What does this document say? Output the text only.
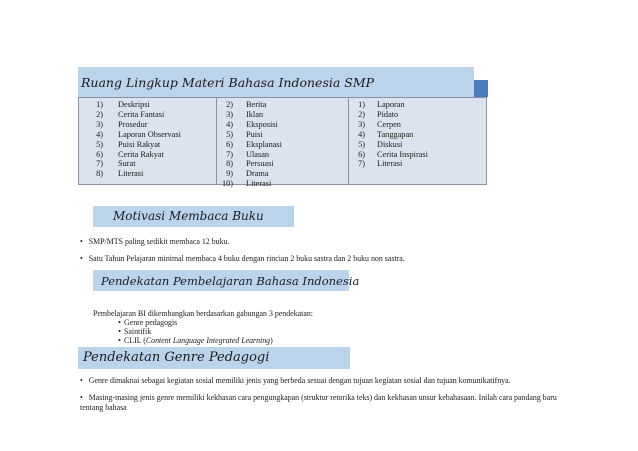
Ruang Lingkup Materi Bahasa Indonesia SMP
1) Deskripsi
2) Cerita Fantasi
3) Prosedur
4) Laporan Observasi
5) Puisi Rakyat
6) Cerita Rakyat
7) Surat
8) Literasi
2) Berita
3) Iklan
4) Eksposisi
5) Puisi
6) Eksplanasi
7) Ulasan
8) Persuasi
9) Drama
10) Literasi
1) Laporan
2) Pidato
3) Cerpen
4) Tanggapan
5) Diskusi
6) Cerita Inspirasi
7) Literasi
Motivasi Membaca Buku

• SMP/MTS paling sedikit membaca 12 buku.

• Satu Tahun Pelajaran minimal membaca 4 buku dengan rincian 2 buku sastra dan 2 buku non sastra.

Pendekatan Pembelajaran Bahasa Indonesia

Pembelajaran BI dikembangkan berdasarkan gabungan 3 pendekatan:

• Genre pedagogis
• Saintifik
• CLIL (Content Language Integrated Learning)
Pendekatan Genre Pedagogi

• Genre dimaknai sebagai kegiatan sosial memiliki jenis yang berbeda sesuai dengan tujuan kegiatan sosial dan tujuan komunikatifnya.

• Masing-masing jenis genre memiliki kekhasan cara pengungkapan (struktur retorika teks) dan kekhasan unsur kebahasaan. Inilah cara pandang baru tentang bahasa
